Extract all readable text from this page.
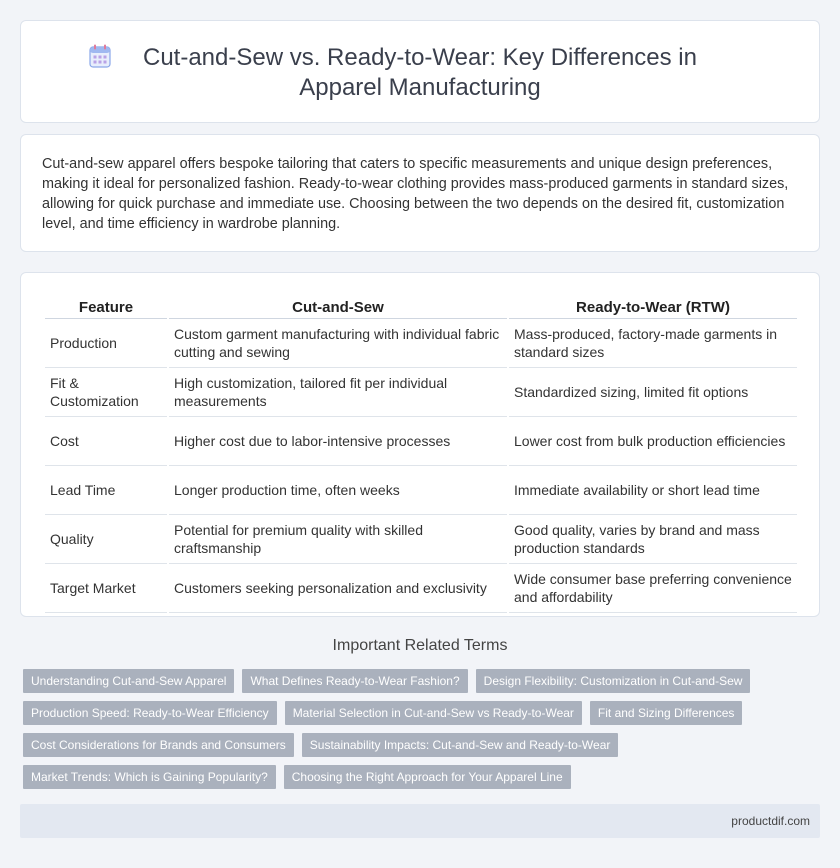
Cut-and-Sew vs. Ready-to-Wear: Key Differences in Apparel Manufacturing

Cut-and-sew apparel offers bespoke tailoring that caters to specific measurements and unique design preferences, making it ideal for personalized fashion. Ready-to-wear clothing provides mass-produced garments in standard sizes, allowing for quick purchase and immediate use. Choosing between the two depends on the desired fit, customization level, and time efficiency in wardrobe planning.

Feature	Cut-and-Sew	Ready-to-Wear (RTW)
Production	Custom garment manufacturing with individual fabric cutting and sewing	Mass-produced, factory-made garments in standard sizes
Fit & Customization	High customization, tailored fit per individual measurements	Standardized sizing, limited fit options
Cost	Higher cost due to labor-intensive processes	Lower cost from bulk production efficiencies
Lead Time	Longer production time, often weeks	Immediate availability or short lead time
Quality	Potential for premium quality with skilled craftsmanship	Good quality, varies by brand and mass production standards
Target Market	Customers seeking personalization and exclusivity	Wide consumer base preferring convenience and affordability
Important Related Terms
Understanding Cut-and-Sew Apparel	What Defines Ready-to-Wear Fashion?	Design Flexibility: Customization in Cut-and-Sew
Production Speed: Ready-to-Wear Efficiency	Material Selection in Cut-and-Sew vs Ready-to-Wear	Fit and Sizing Differences
Cost Considerations for Brands and Consumers	Sustainability Impacts: Cut-and-Sew and Ready-to-Wear
Market Trends: Which is Gaining Popularity?	Choosing the Right Approach for Your Apparel Line
productdif.com
